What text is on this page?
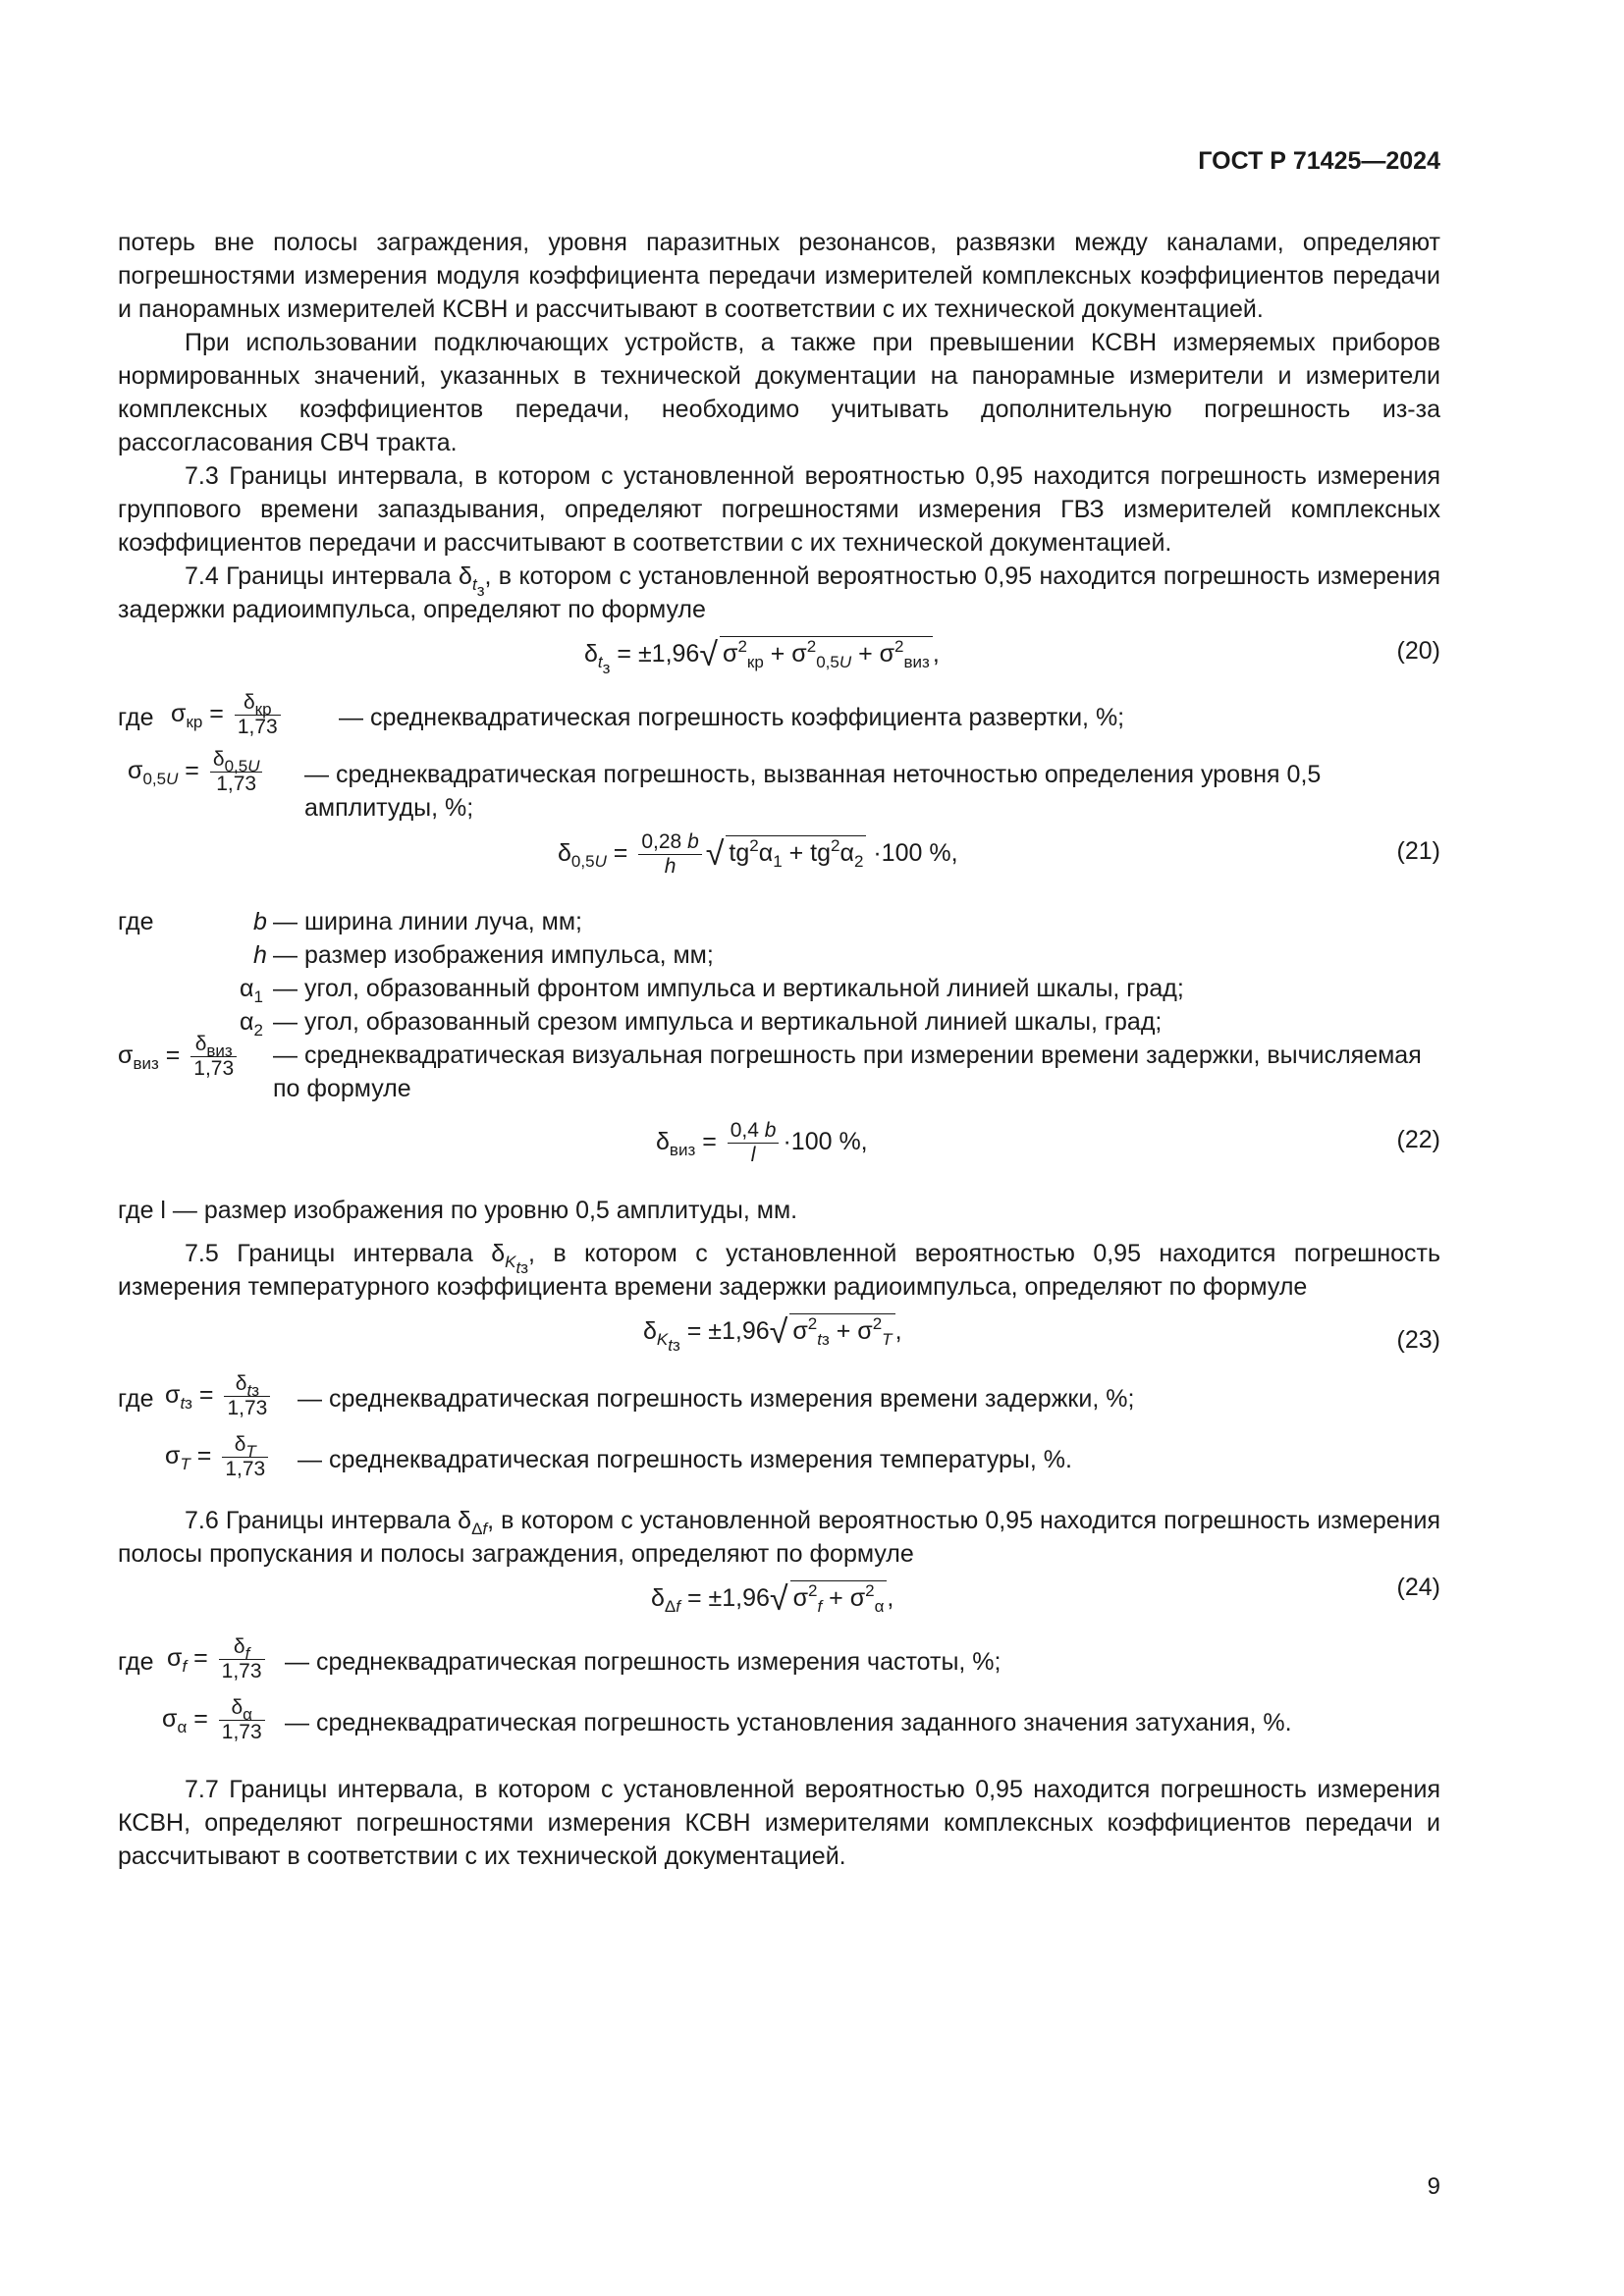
ГОСТ Р 71425—2024

потерь вне полосы заграждения, уровня паразитных резонансов, развязки между каналами, определяют погрешностями измерения модуля коэффициента передачи измерителей комплексных коэффициентов передачи и панорамных измерителей КСВН и рассчитывают в соответствии с их технической документацией.

При использовании подключающих устройств, а также при превышении КСВН измеряемых приборов нормированных значений, указанных в технической документации на панорамные измерители и измерители комплексных коэффициентов передачи, необходимо учитывать дополнительную погрешность из-за рассогласования СВЧ тракта.

7.3 Границы интервала, в котором с установленной вероятностью 0,95 находится погрешность измерения группового времени запаздывания, определяют погрешностями измерения ГВЗ измерителей комплексных коэффициентов передачи и рассчитывают в соответствии с их технической документацией.

7.4 Границы интервала $\delta_{t_з}$, в котором с установленной вероятностью 0,95 находится погрешность измерения задержки радиоимпульса, определяют по формуле

$\delta_{t_з} = \pm 1,96√$ $\sigma^2_{кр} + \sigma^2_{0,5U} + \sigma^2_{виз}$ ,	(20)
где $\sigma_{кр} = \delta_{кр}$
1,73 — среднеквадратическая погрешность коэффициента развертки, %;
$\sigma_{0,5U} = \frac{\delta_{0,5U}}{1,73}$ — среднеквадратическая погрешность, вызванная неточностью определения уровня 0,5 амплитуды, %;
$\delta_{0,5U} = \frac{0,28 b}{h}$ √ $tg^2\alpha_1 + tg^2\alpha_2 \cdot 100$ %,	(21)
где	b — ширина линии луча, мм;
h — размер изображения импульса, мм;
$\alpha_1$ — угол, образованный фронтом импульса и вертикальной линией шкалы, град;
$\alpha_2$ — угол, образованный срезом импульса и вертикальной линией шкалы, град;
$\sigma_{виз} = \delta_{виз}$
1,73 — среднеквадратическая визуальная погрешность при измерении времени задержки, вычисляемая по формуле
$\delta_{виз} = \frac{0,4 b}{l} \cdot 100$ %,	(22)

где l — размер изображения по уровню 0,5 амплитуды, мм.

7.5 Границы интервала $\delta_{K_{tз}}$, в котором с установленной вероятностью 0,95 находится погрешность измерения температурного коэффициента времени задержки радиоимпульса, определяют по формуле

$\delta_{K_{tз}} = \pm 1,96√$ $\sigma^2_{tз} + \sigma^2_T$ ,	(23)
где $\sigma_{tз} = \delta_{tз}$
1,73 — среднеквадратическая погрешность измерения времени задержки, %;
$\sigma_T = \frac{\delta_T}{1,73}$ — среднеквадратическая погрешность измерения температуры, %.

7.6 Границы интервала $\delta_{\Delta f}$, в котором с установленной вероятностью 0,95 находится погрешность измерения полосы пропускания и полосы заграждения, определяют по формуле

$\delta_{\Delta f} = \pm 1,96√$ $\sigma^2_f + \sigma^2_\alpha$ ,	(24)
где $\sigma_f = \frac{\delta_f}{1,73}$ — среднеквадратическая погрешность измерения частоты, %;
$\sigma_\alpha = \frac{\delta_\alpha}{1,73}$ — среднеквадратическая погрешность установления заданного значения затухания, %.

7.7 Границы интервала, в котором с установленной вероятностью 0,95 находится погрешность измерения КСВН, определяют погрешностями измерения КСВН измерителями комплексных коэффициентов передачи и рассчитывают в соответствии с их технической документацией.

9
